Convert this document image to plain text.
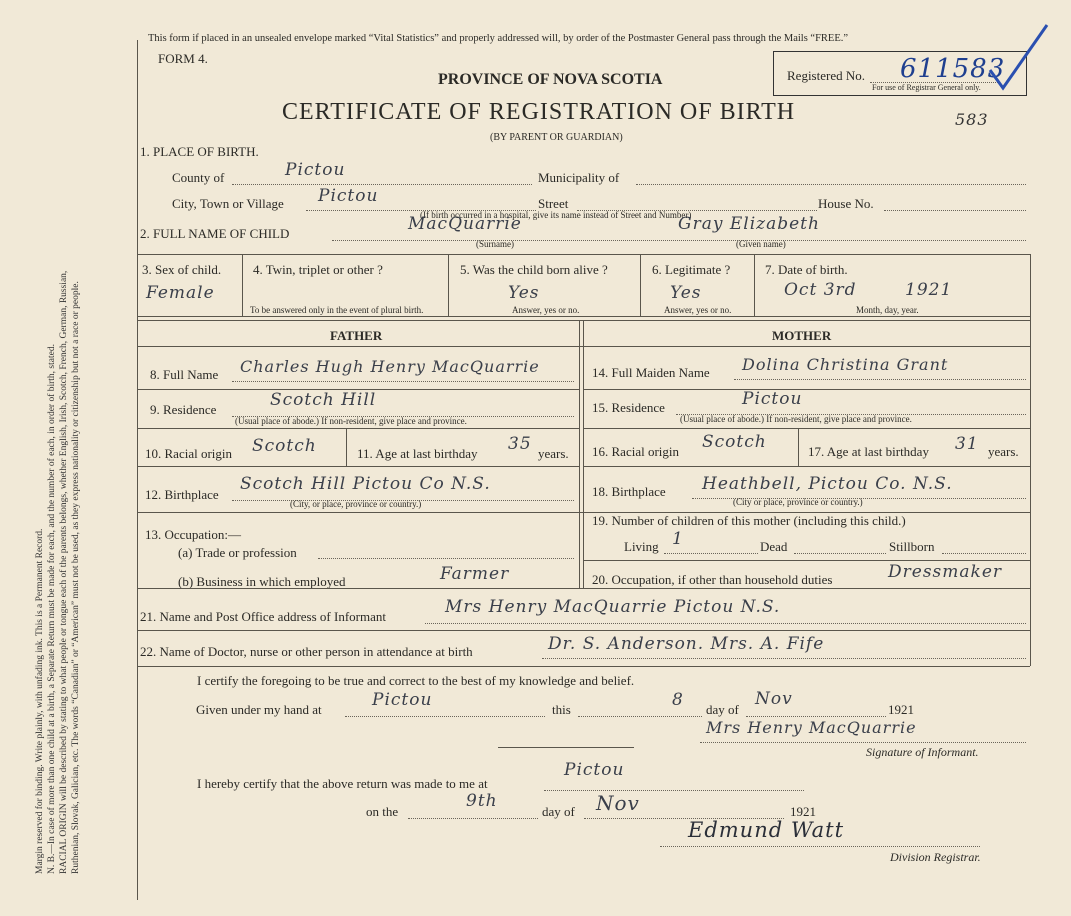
Margin reserved for binding. Write plainly, with unfading ink. This is a Permanent Record. N. B.—In case of more than one child at a birth, a Separate Return must be made for each, and the number of each, in order of birth, stated. RACIAL ORIGIN will be described by stating to what people or tongue each of the parents belongs, whether English, Irish, Scotch, French, German, Russian, Ruthenian, Slovak, Galician, etc. The words “Canadian” or “American” must not be used, as they express nationality or citizenship but not a race or people.
This form if placed in an unsealed envelope marked “Vital Statistics” and properly addressed will, by order of the Postmaster General pass through the Mails “FREE.”
FORM 4.
PROVINCE OF NOVA SCOTIA
CERTIFICATE OF REGISTRATION OF BIRTH
(BY PARENT OR GUARDIAN)
Registered No. 611583
For use of Registrar General only.
583
1. PLACE OF BIRTH.
County of	Pictou	Municipality of
City, Town or Village Pictou	Street	House No.
(If birth occurred in a hospital, give its name instead of Street and Number)
2. FULL NAME OF CHILD	MacQuarrie
(Surname)
Gray Elizabeth
(Given name)
3. Sex of child.
Female
4. Twin, triplet or other ?
To be answered only in the event of plural birth.
5. Was the child born alive ?
Yes
Answer, yes or no.
6. Legitimate ?
Yes
Answer, yes or no.
7. Date of birth.
Oct 3rd	1921
Month, day, year.
FATHER	MOTHER
8. Full Name Charles Hugh Henry MacQuarrie
9. Residence	Scotch Hill
(Usual place of abode.) If non-resident, give place and province.
10. Racial origin Scotch	11. Age at last birthday 35 years.
12. Birthplace
Scotch Hill Pictou Co N.S.
(City, or place, province or country.)
13. Occupation:—
(a) Trade or profession
(b) Business in which employed	Farmer
14. Full Maiden Name Dolina Christina Grant
15. Residence	Pictou
(Usual place of abode.) If non-resident, give place and province.
16. Racial origin Scotch	17. Age at last birthday 31 years.
18. Birthplace Heathbell, Pictou Co. N.S.
(City or place, province or country.)
19. Number of children of this mother (including this child.)
Living 1	Dead	Stillborn
20. Occupation, if other than household duties	Dressmaker
21. Name and Post Office address of Informant	Mrs Henry MacQuarrie Pictou N.S.
22. Name of Doctor, nurse or other person in attendance at birth	Dr. S. Anderson. Mrs. A. Fife
I certify the foregoing to be true and correct to the best of my knowledge and belief.
Given under my hand at	Pictou	this	8 day of
Nov
1921
Mrs Henry MacQuarrie
Signature of Informant.
I hereby certify that the above return was made to me at
Pictou
on the
9th
day of Nov	1921
Edmund Watt
Division Registrar.
